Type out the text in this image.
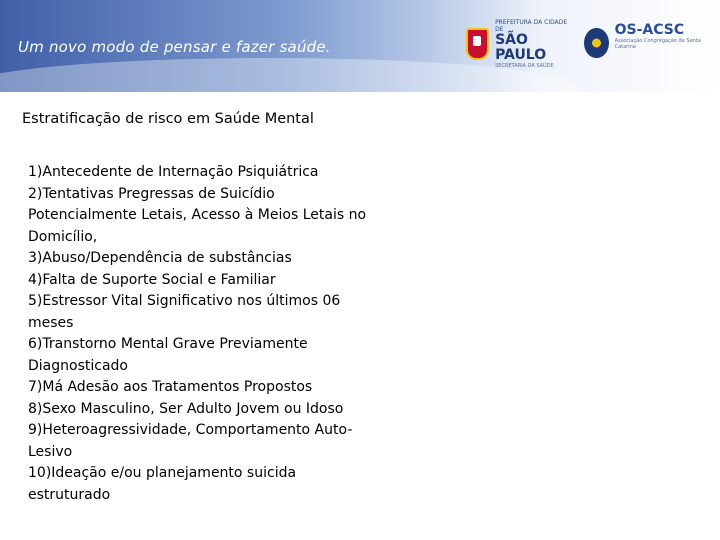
Um novo modo de pensar e fazer saúde.
PREFEITURA DA CIDADE DE
SÃO PAULO
SECRETARIA DA SAÚDE
OS-ACSC
Associação Congregação de Santa Catarina
Estratificação de risco em Saúde Mental
1)Antecedente de Internação Psiquiátrica
2)Tentativas Pregressas de Suicídio Potencialmente Letais, Acesso à Meios Letais no Domicílio,
3)Abuso/Dependência de substâncias
4)Falta de Suporte Social e Familiar
5)Estressor Vital Significativo nos últimos 06 meses
6)Transtorno Mental Grave Previamente Diagnosticado
7)Má Adesão aos Tratamentos Propostos
8)Sexo Masculino, Ser Adulto Jovem ou Idoso
9)Heteroagressividade, Comportamento Auto-Lesivo
10)Ideação e/ou planejamento suicida estruturado
